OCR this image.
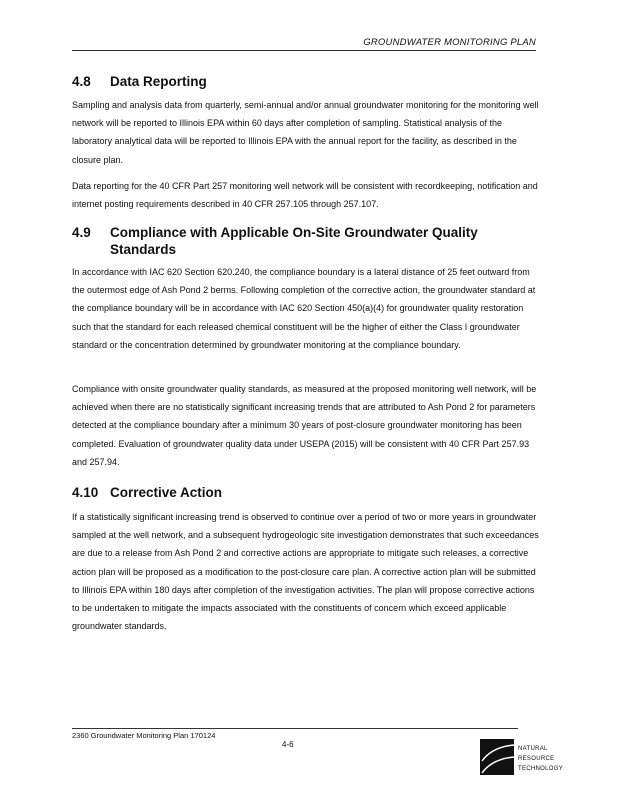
GROUNDWATER MONITORING PLAN
4.8 Data Reporting
Sampling and analysis data from quarterly, semi-annual and/or annual groundwater monitoring for the monitoring well network will be reported to Illinois EPA within 60 days after completion of sampling. Statistical analysis of the laboratory analytical data will be reported to Illinois EPA with the annual report for the facility, as described in the closure plan.
Data reporting for the 40 CFR Part 257 monitoring well network will be consistent with recordkeeping, notification and internet posting requirements described in 40 CFR 257.105 through 257.107.
4.9 Compliance with Applicable On-Site Groundwater Quality
Standards
In accordance with IAC 620 Section 620.240, the compliance boundary is a lateral distance of 25 feet outward from the outermost edge of Ash Pond 2 berms. Following completion of the corrective action, the groundwater standard at the compliance boundary will be in accordance with IAC 620 Section 450(a)(4) for groundwater quality restoration such that the standard for each released chemical constituent will be the higher of either the Class I groundwater standard or the concentration determined by groundwater monitoring at the compliance boundary.
Compliance with onsite groundwater quality standards, as measured at the proposed monitoring well network, will be achieved when there are no statistically significant increasing trends that are attributed to Ash Pond 2 for parameters detected at the compliance boundary after a minimum 30 years of post-closure groundwater monitoring has been completed. Evaluation of groundwater quality data under USEPA (2015) will be consistent with 40 CFR Part 257.93 and 257.94.
4.10 Corrective Action
If a statistically significant increasing trend is observed to continue over a period of two or more years in groundwater sampled at the well network, and a subsequent hydrogeologic site investigation demonstrates that such exceedances are due to a release from Ash Pond 2 and corrective actions are appropriate to mitigate such releases, a corrective action plan will be proposed as a modification to the post-closure care plan. A corrective action plan will be submitted to Illinois EPA within 180 days after completion of the investigation activities. The plan will propose corrective actions to be undertaken to mitigate the impacts associated with the constituents of concern which exceed applicable groundwater standards.
2360 Groundwater Monitoring Plan 170124
4-6	NATURAL
RESOURCE
TECHNOLOGY
